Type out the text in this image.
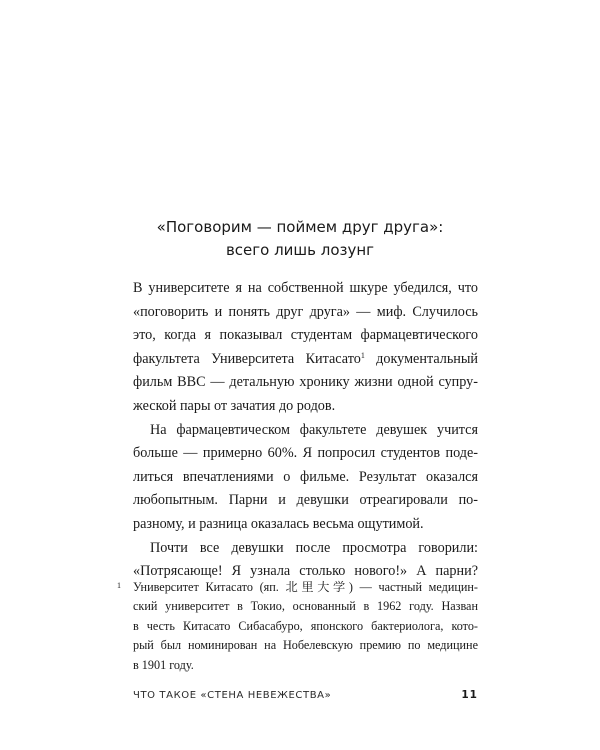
«Поговорим — поймем друг друга»:
всего лишь лозунг
В университете я на собственной шкуре убедился, что
«поговорить и понять друг друга» — миф. Случилось
это, когда я показывал студентам фармацевтического
факультета Университета Китасато$^1$ документальный
фильм BBC — детальную хронику жизни одной супру-
жеской пары от зачатия до родов.
На фармацевтическом факультете девушек учится
больше — примерно 60%. Я попросил студентов поде-
литься впечатлениями о фильме. Результат оказался
любопытным. Парни и девушки отреагировали по-
разному, и разница оказалась весьма ощутимой.
Почти все девушки после просмотра говорили:
«Потрясающе! Я узнала столько нового!» А парни?
1 Университет Китасато (яп. 北里大学) — частный медицин-
ский университет в Токио, основанный в 1962 году. Назван
в честь Китасато Сибасабуро, японского бактериолога, кото-
рый был номинирован на Нобелевскую премию по медицине
в 1901 году.
ЧТО ТАКОЕ «СТЕНА НЕВЕЖЕСТВА»	11
